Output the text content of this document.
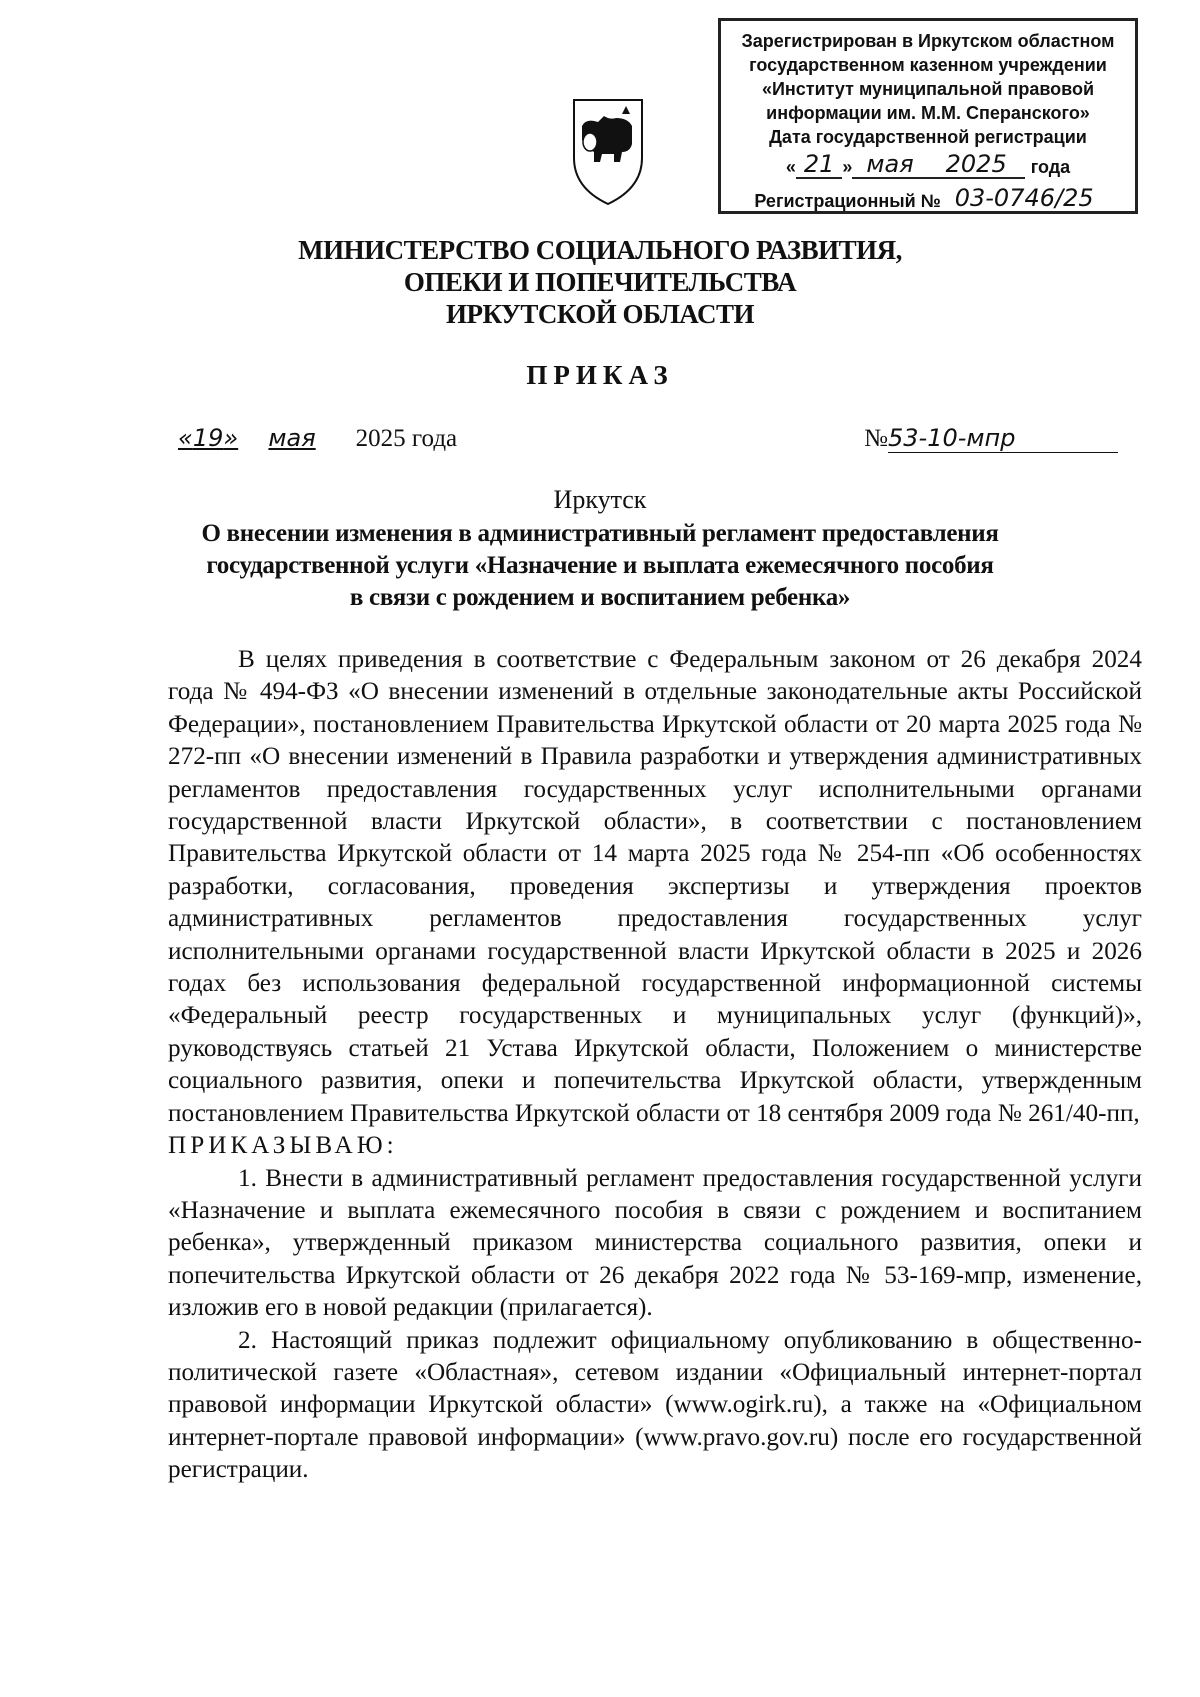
Зарегистрирован в Иркутском областном
государственном казенном учреждении
«Институт муниципальной правовой
информации им. М.М. Сперанского»
Дата государственной регистрации
« 21 » мая	2025	года
Регистрационный № 03-0746/25
МИНИСТЕРСТВО СОЦИАЛЬНОГО РАЗВИТИЯ,
ОПЕКИ И ПОПЕЧИТЕЛЬСТВА
ИРКУТСКОЙ ОБЛАСТИ
ПРИКАЗ
«19» мая 2025 года	№53-10-мпр
Иркутск
О внесении изменения в административный регламент предоставления
государственной услуги «Назначение и выплата ежемесячного пособия
в связи с рождением и воспитанием ребенка»

В целях приведения в соответствие с Федеральным законом от 26 декабря 2024 года № 494-ФЗ «О внесении изменений в отдельные законодательные акты Российской Федерации», постановлением Правительства Иркутской области от 20 марта 2025 года № 272-пп «О внесении изменений в Правила разработки и утверждения административных регламентов предоставления государственных услуг исполнительными органами государственной власти Иркутской области», в соответствии с постановлением Правительства Иркутской области от 14 марта 2025 года № 254-пп «Об особенностях разработки, согласования, проведения экспертизы и утверждения проектов административных регламентов предоставления государственных услуг исполнительными органами государственной власти Иркутской области в 2025 и 2026 годах без использования федеральной государственной информационной системы «Федеральный реестр государственных и муниципальных услуг (функций)», руководствуясь статьей 21 Устава Иркутской области, Положением о министерстве социального развития, опеки и попечительства Иркутской области, утвержденным постановлением Правительства Иркутской области от 18 сентября 2009 года № 261/40-пп,

ПРИКАЗЫВАЮ:

1. Внести в административный регламент предоставления государственной услуги «Назначение и выплата ежемесячного пособия в связи с рождением и воспитанием ребенка», утвержденный приказом министерства социального развития, опеки и попечительства Иркутской области от 26 декабря 2022 года № 53-169-мпр, изменение, изложив его в новой редакции (прилагается).

2. Настоящий приказ подлежит официальному опубликованию в общественно-политической газете «Областная», сетевом издании «Официальный интернет-портал правовой информации Иркутской области» (www.ogirk.ru), а также на «Официальном интернет-портале правовой информации» (www.pravo.gov.ru) после его государственной регистрации.
